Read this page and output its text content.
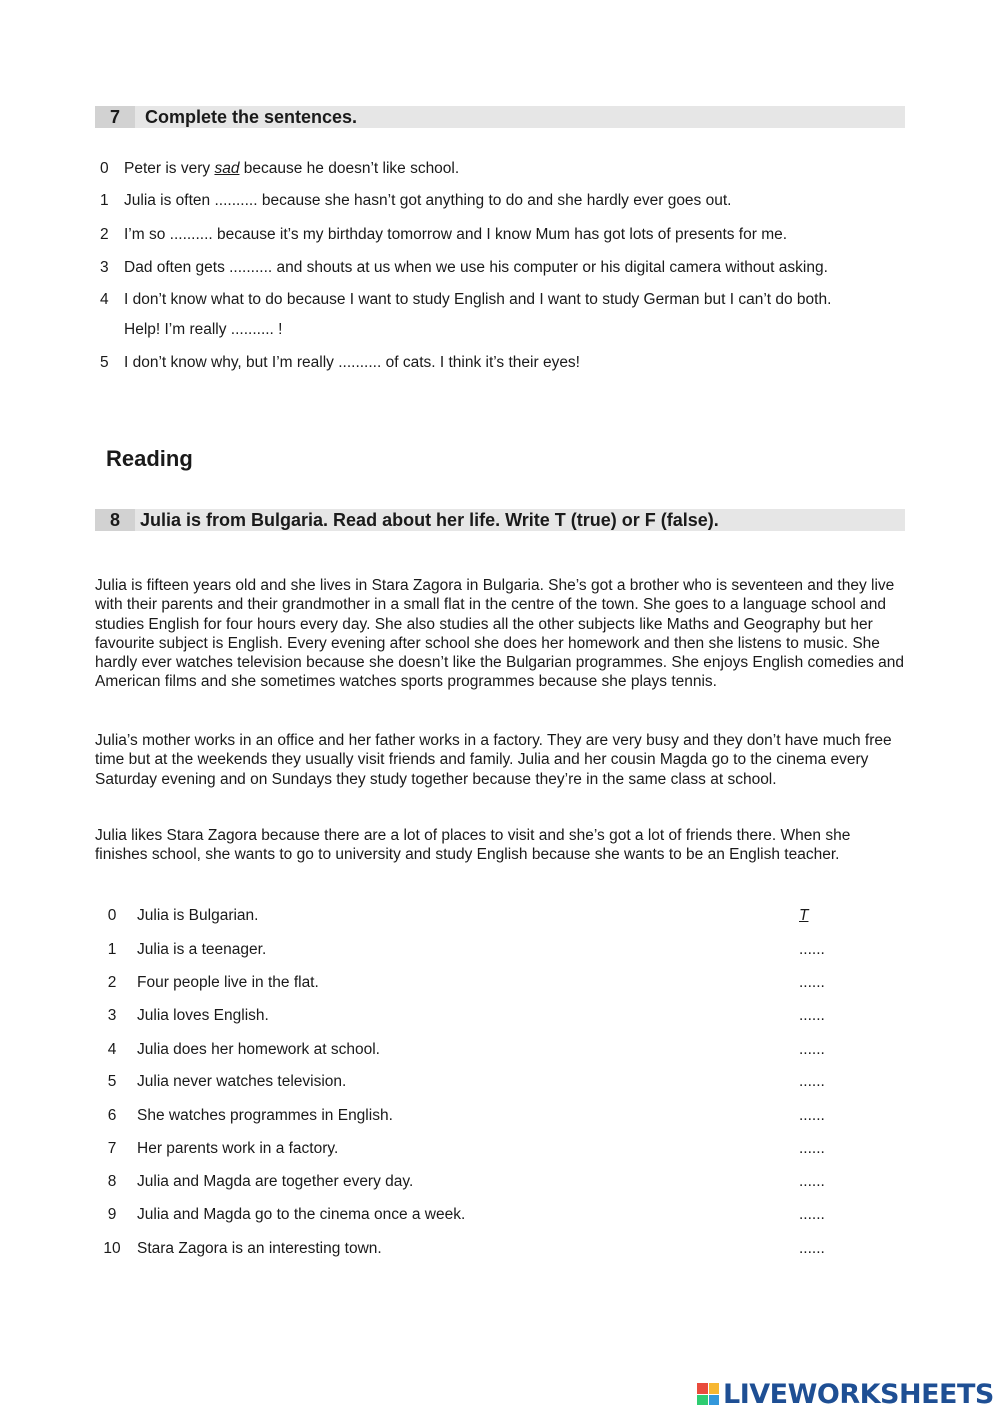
7	Complete the sentences.
0 Peter is very sad because he doesn’t like school.
1 Julia is often .......... because she hasn’t got anything to do and she hardly ever goes out.
2 I’m so .......... because it’s my birthday tomorrow and I know Mum has got lots of presents for me.
3 Dad often gets .......... and shouts at us when we use his computer or his digital camera without asking.
4 I don’t know what to do because I want to study English and I want to study German but I can’t do both.
Help! I’m really .......... !
5 I don’t know why, but I’m really .......... of cats. I think it’s their eyes!
Reading
8	Julia is from Bulgaria. Read about her life. Write T (true) or F (false).
Julia is fifteen years old and she lives in Stara Zagora in Bulgaria. She’s got a brother who is seventeen and they live with their parents and their grandmother in a small flat in the centre of the town. She goes to a language school and studies English for four hours every day. She also studies all the other subjects like Maths and Geography but her favourite subject is English. Every evening after school she does her homework and then she listens to music. She hardly ever watches television because she doesn’t like the Bulgarian programmes. She enjoys English comedies and American films and she sometimes watches sports programmes because she plays tennis.
Julia’s mother works in an office and her father works in a factory. They are very busy and they don’t have much free time but at the weekends they usually visit friends and family. Julia and her cousin Magda go to the cinema every Saturday evening and on Sundays they study together because they’re in the same class at school.
Julia likes Stara Zagora because there are a lot of places to visit and she’s got a lot of friends there. When she finishes school, she wants to go to university and study English because she wants to be an English teacher.
0	Julia is Bulgarian.	T
1	Julia is a teenager.	......
2	Four people live in the flat.	......
3	Julia loves English.	......
4	Julia does her homework at school.	......
5	Julia never watches television.	......
6	She watches programmes in English.	......
7	Her parents work in a factory.	......
8	Julia and Magda are together every day.	......
9	Julia and Magda go to the cinema once a week.	......
10 Stara Zagora is an interesting town.	......
LIVEWORKSHEETS
